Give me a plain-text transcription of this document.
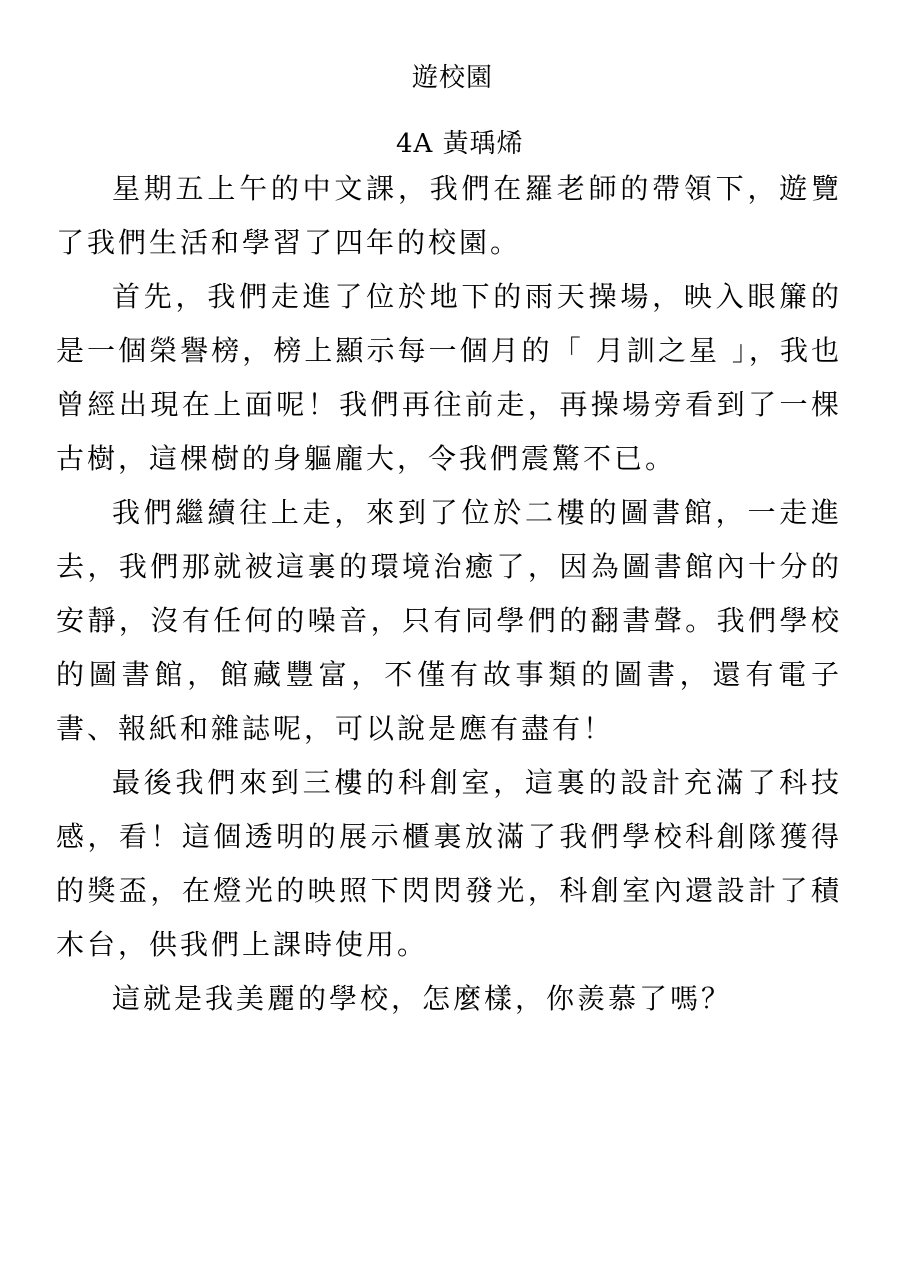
遊校園
4A 黃瑀烯

星期五上午的中文課，我們在羅老師的帶領下，遊覽了我們生活和學習了四年的校園。

首先，我們走進了位於地下的雨天操場，映入眼簾的是一個榮譽榜，榜上顯示每一個月的「 月訓之星 」，我也曾經出現在上面呢！我們再往前走，再操場旁看到了一棵古樹，這棵樹的身軀龐大，令我們震驚不已。

我們繼續往上走，來到了位於二樓的圖書館，一走進去，我們那就被這裏的環境治癒了，因為圖書館內十分的安靜，沒有任何的噪音，只有同學們的翻書聲。我們學校的圖書館，館藏豐富，不僅有故事類的圖書，還有電子書、報紙和雜誌呢，可以說是應有盡有！

最後我們來到三樓的科創室，這裏的設計充滿了科技感，看！這個透明的展示櫃裏放滿了我們學校科創隊獲得的獎盃，在燈光的映照下閃閃發光，科創室內還設計了積木台，供我們上課時使用。

這就是我美麗的學校，怎麼樣，你羨慕了嗎？
